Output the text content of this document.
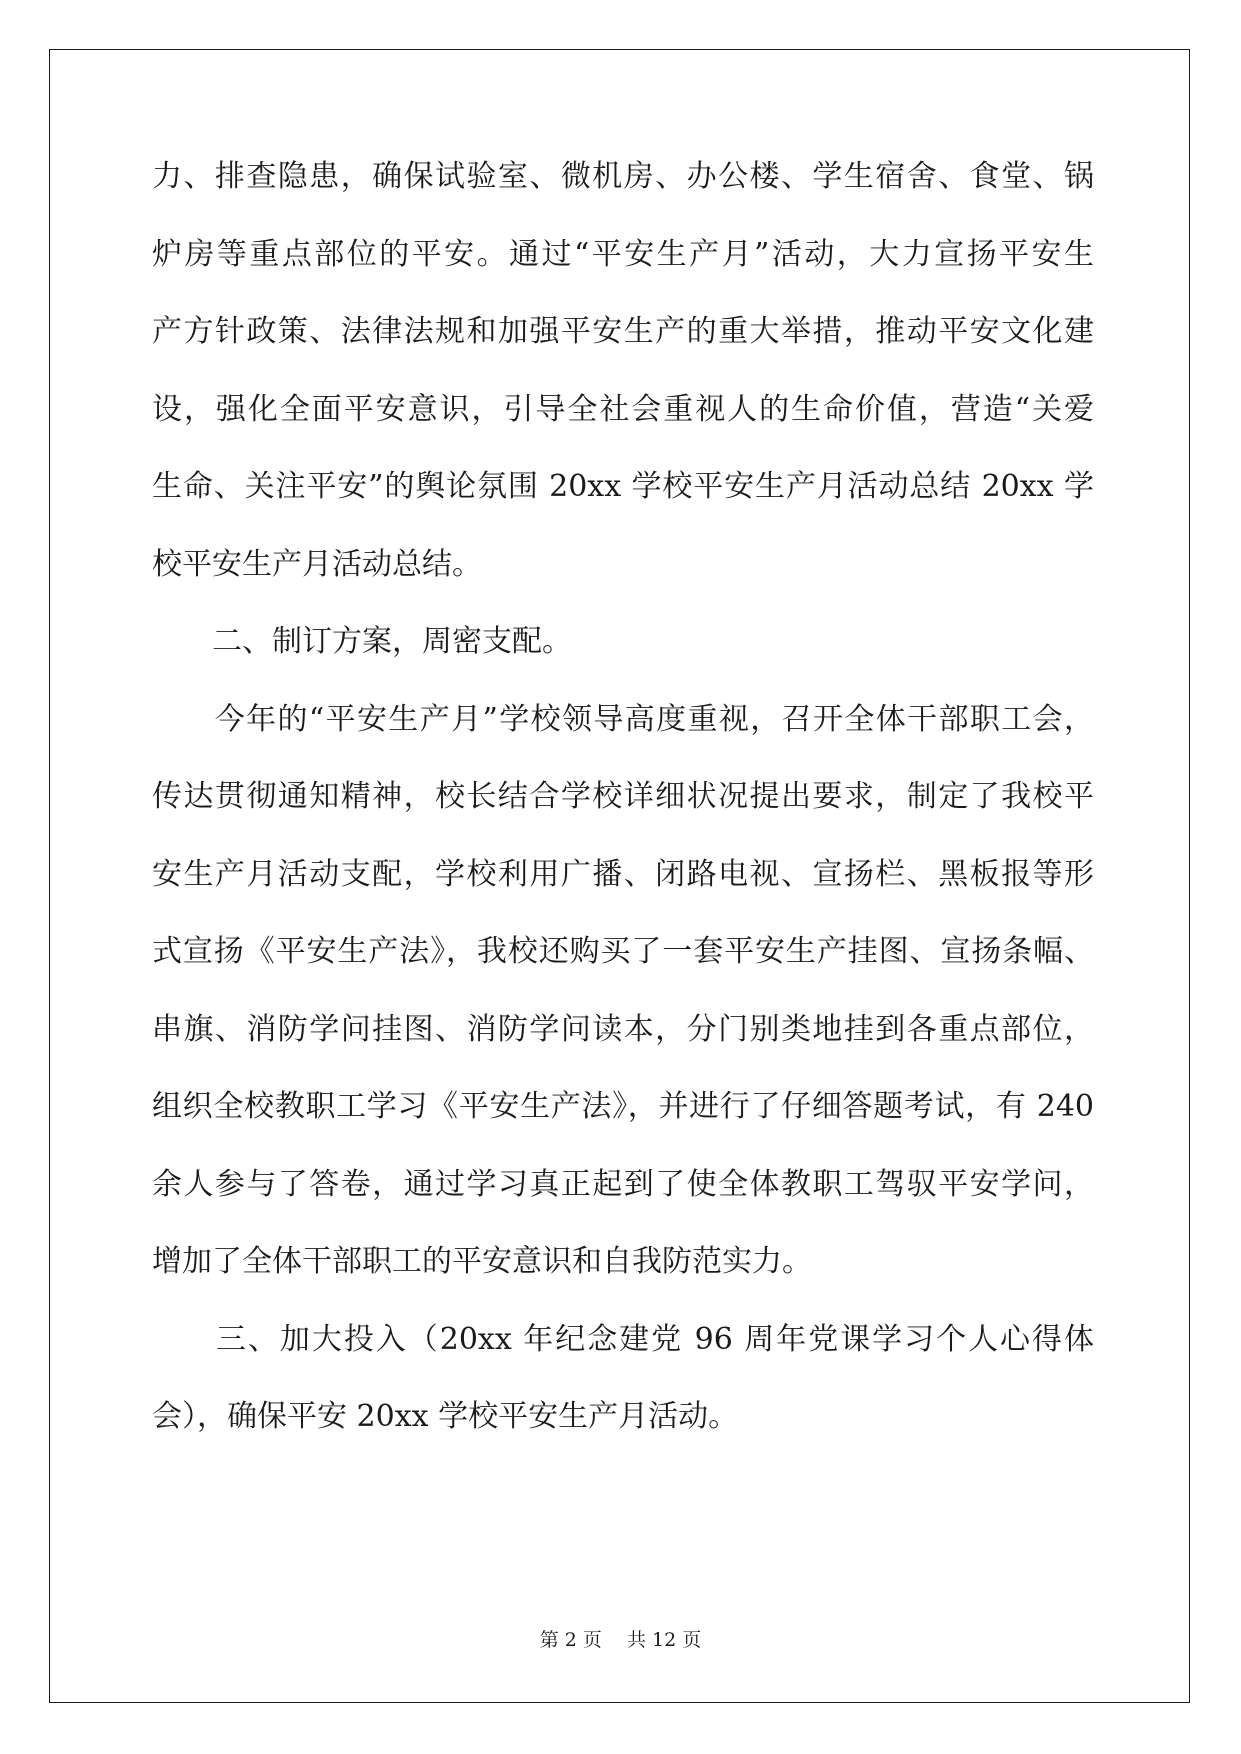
力、排查隐患，确保试验室、微机房、办公楼、学生宿舍、食堂、锅
炉房等重点部位的平安。通过“平安生产月”活动，大力宣扬平安生
产方针政策、法律法规和加强平安生产的重大举措，推动平安文化建
设，强化全面平安意识，引导全社会重视人的生命价值，营造“关爱
生命、关注平安”的舆论氛围 20xx 学校平安生产月活动总结 20xx 学
校平安生产月活动总结。
　　二、制订方案，周密支配。
　　今年的“平安生产月”学校领导高度重视，召开全体干部职工会，
传达贯彻通知精神，校长结合学校详细状况提出要求，制定了我校平
安生产月活动支配，学校利用广播、闭路电视、宣扬栏、黑板报等形
式宣扬《平安生产法》，我校还购买了一套平安生产挂图、宣扬条幅、
串旗、消防学问挂图、消防学问读本，分门别类地挂到各重点部位，
组织全校教职工学习《平安生产法》，并进行了仔细答题考试，有 240
余人参与了答卷，通过学习真正起到了使全体教职工驾驭平安学问，
增加了全体干部职工的平安意识和自我防范实力。
　　三、加大投入（20xx 年纪念建党 96 周年党课学习个人心得体
会），确保平安 20xx 学校平安生产月活动。
第 2 页　 共 12 页
